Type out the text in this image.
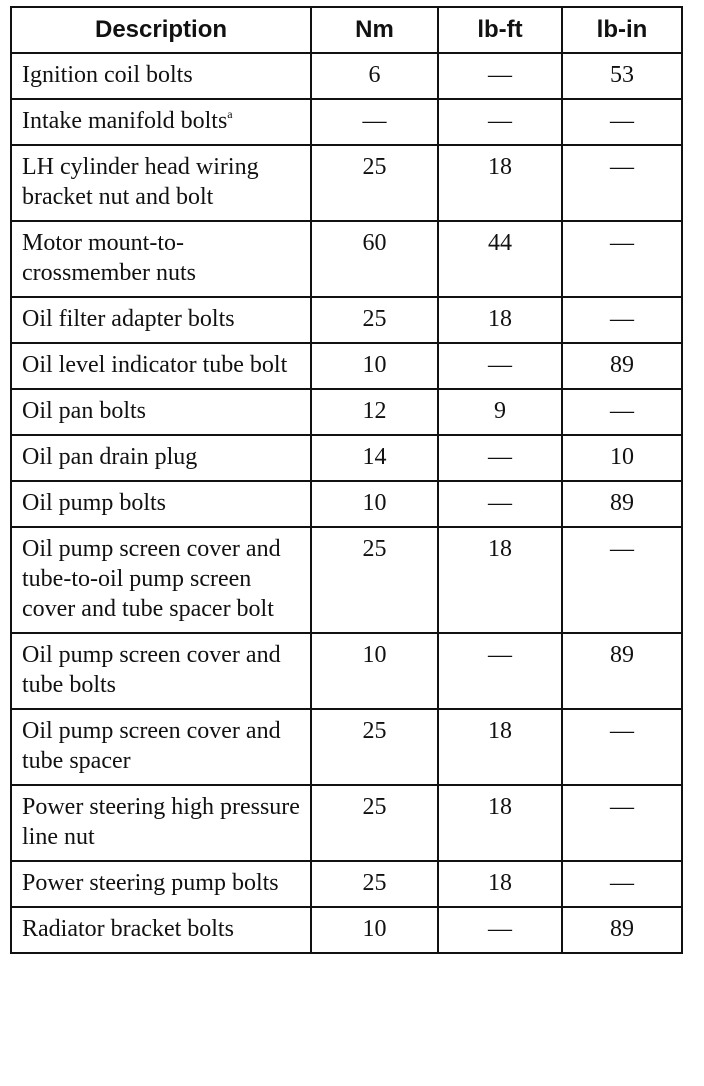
Description	Nm	lb-ft	lb-in
Ignition coil bolts	6	—	53
Intake manifold bolts$^a$	—	—	—
LH cylinder head wiring bracket nut and bolt	25	18	—
Motor mount-to-crossmember nuts	60	44	—
Oil filter adapter bolts	25	18	—
Oil level indicator tube bolt	10	—	89
Oil pan bolts	12	9	—
Oil pan drain plug	14	—	10
Oil pump bolts	10	—	89
Oil pump screen cover and tube-to-oil pump screen cover and tube spacer bolt	25	18	—
Oil pump screen cover and tube bolts	10	—	89
Oil pump screen cover and tube spacer	25	18	—
Power steering high pressure line nut	25	18	—
Power steering pump bolts	25	18	—
Radiator bracket bolts	10	—	89
